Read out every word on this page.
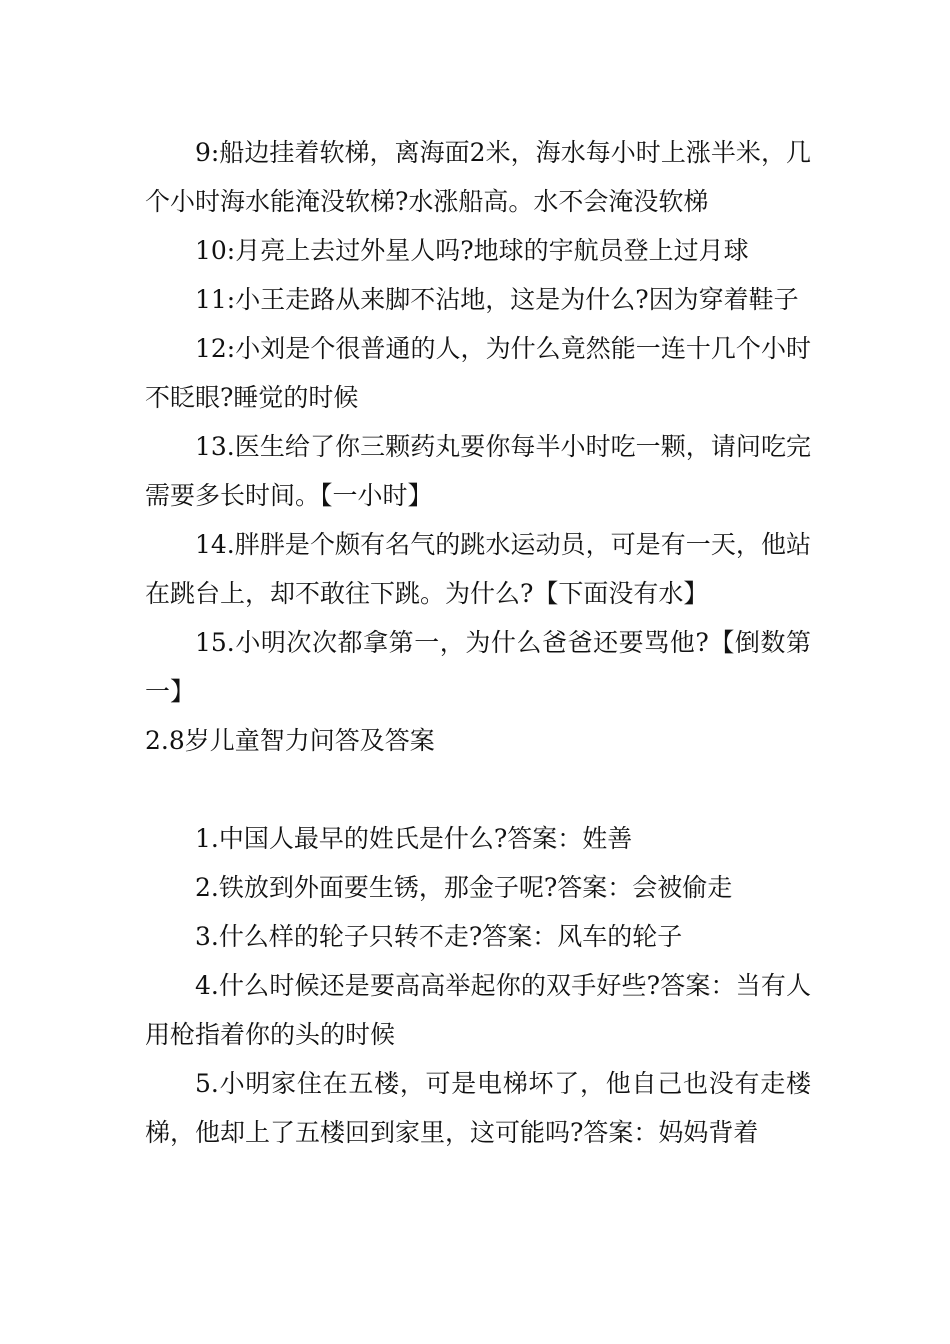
9:船边挂着软梯，离海面2米，海水每小时上涨半米，几个小时海水能淹没软梯?水涨船高。水不会淹没软梯

10:月亮上去过外星人吗?地球的宇航员登上过月球

11:小王走路从来脚不沾地，这是为什么?因为穿着鞋子

12:小刘是个很普通的人，为什么竟然能一连十几个小时不眨眼?睡觉的时候

13.医生给了你三颗药丸要你每半小时吃一颗，请问吃完需要多长时间。【一小时】

14.胖胖是个颇有名气的跳水运动员，可是有一天，他站在跳台上，却不敢往下跳。为什么?【下面没有水】

15.小明次次都拿第一，为什么爸爸还要骂他?【倒数第一】

2.8岁儿童智力问答及答案

1.中国人最早的姓氏是什么?答案：姓善

2.铁放到外面要生锈，那金子呢?答案：会被偷走

3.什么样的轮子只转不走?答案：风车的轮子

4.什么时候还是要高高举起你的双手好些?答案：当有人用枪指着你的头的时候

5.小明家住在五楼，可是电梯坏了，他自己也没有走楼梯，他却上了五楼回到家里，这可能吗?答案：妈妈背着
